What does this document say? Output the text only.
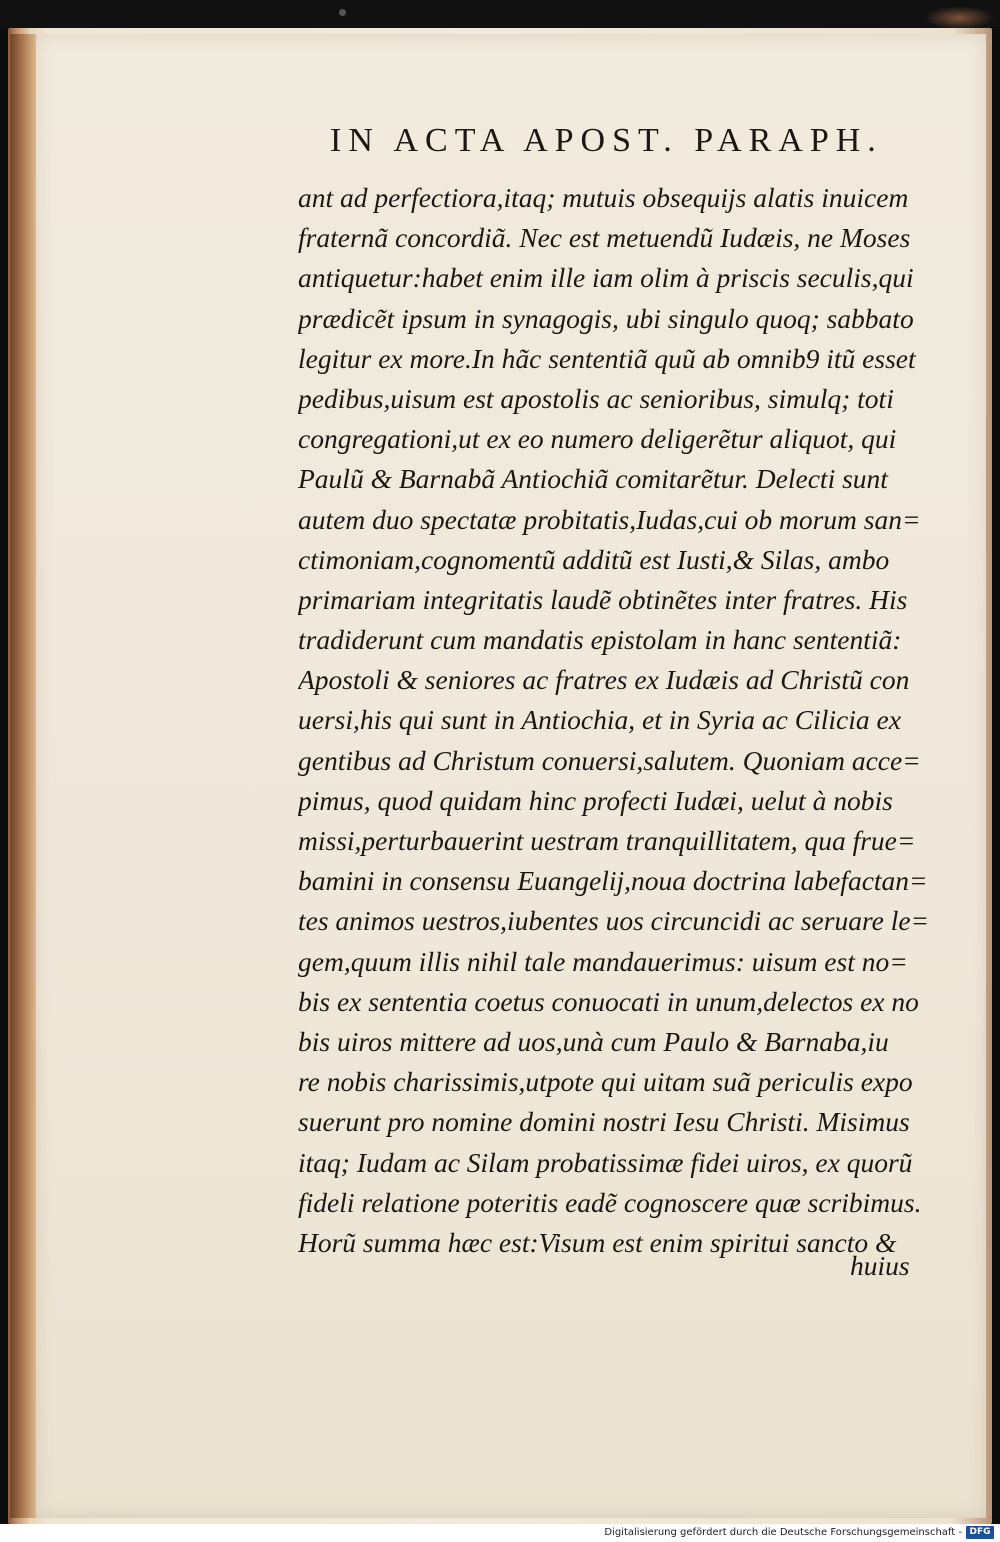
IN ACTA APOST. PARAPH.
ant ad perfectiora,itaq; mutuis obsequijs alatis inuicem
fraternã concordiã. Nec est metuendũ Iudæis, ne Moses
antiquetur:habet enim ille iam olim à priscis seculis,qui
prædicẽt ipsum in synagogis, ubi singulo quoq; sabbato
legitur ex more.In hãc sententiã quũ ab omnib9 itũ esset
pedibus,uisum est apostolis ac senioribus, simulq; toti
congregationi,ut ex eo numero deligerẽtur aliquot, qui
Paulũ & Barnabã Antiochiã comitarẽtur. Delecti sunt
autem duo spectatæ probitatis,Iudas,cui ob morum san=
ctimoniam,cognomentũ additũ est Iusti,& Silas, ambo
primariam integritatis laudẽ obtinẽtes inter fratres. His
tradiderunt cum mandatis epistolam in hanc sententiã:
Apostoli & seniores ac fratres ex Iudæis ad Christũ con
uersi,his qui sunt in Antiochia, et in Syria ac Cilicia ex
gentibus ad Christum conuersi,salutem. Quoniam acce=
pimus, quod quidam hinc profecti Iudæi, uelut à nobis
missi,perturbauerint uestram tranquillitatem, qua frue=
bamini in consensu Euangelij,noua doctrina labefactan=
tes animos uestros,iubentes uos circuncidi ac seruare le=
gem,quum illis nihil tale mandauerimus: uisum est no=
bis ex sententia coetus conuocati in unum,delectos ex no
bis uiros mittere ad uos,unà cum Paulo & Barnaba,iu
re nobis charissimis,utpote qui uitam suã periculis expo
suerunt pro nomine domini nostri Iesu Christi. Misimus
itaq; Iudam ac Silam probatissimæ fidei uiros, ex quorũ
fideli relatione poteritis eadẽ cognoscere quæ scribimus.
Horũ summa hæc est:Visum est enim spiritui sancto &
huius
Digitalisierung gefördert durch die Deutsche Forschungsgemeinschaft - DFG
